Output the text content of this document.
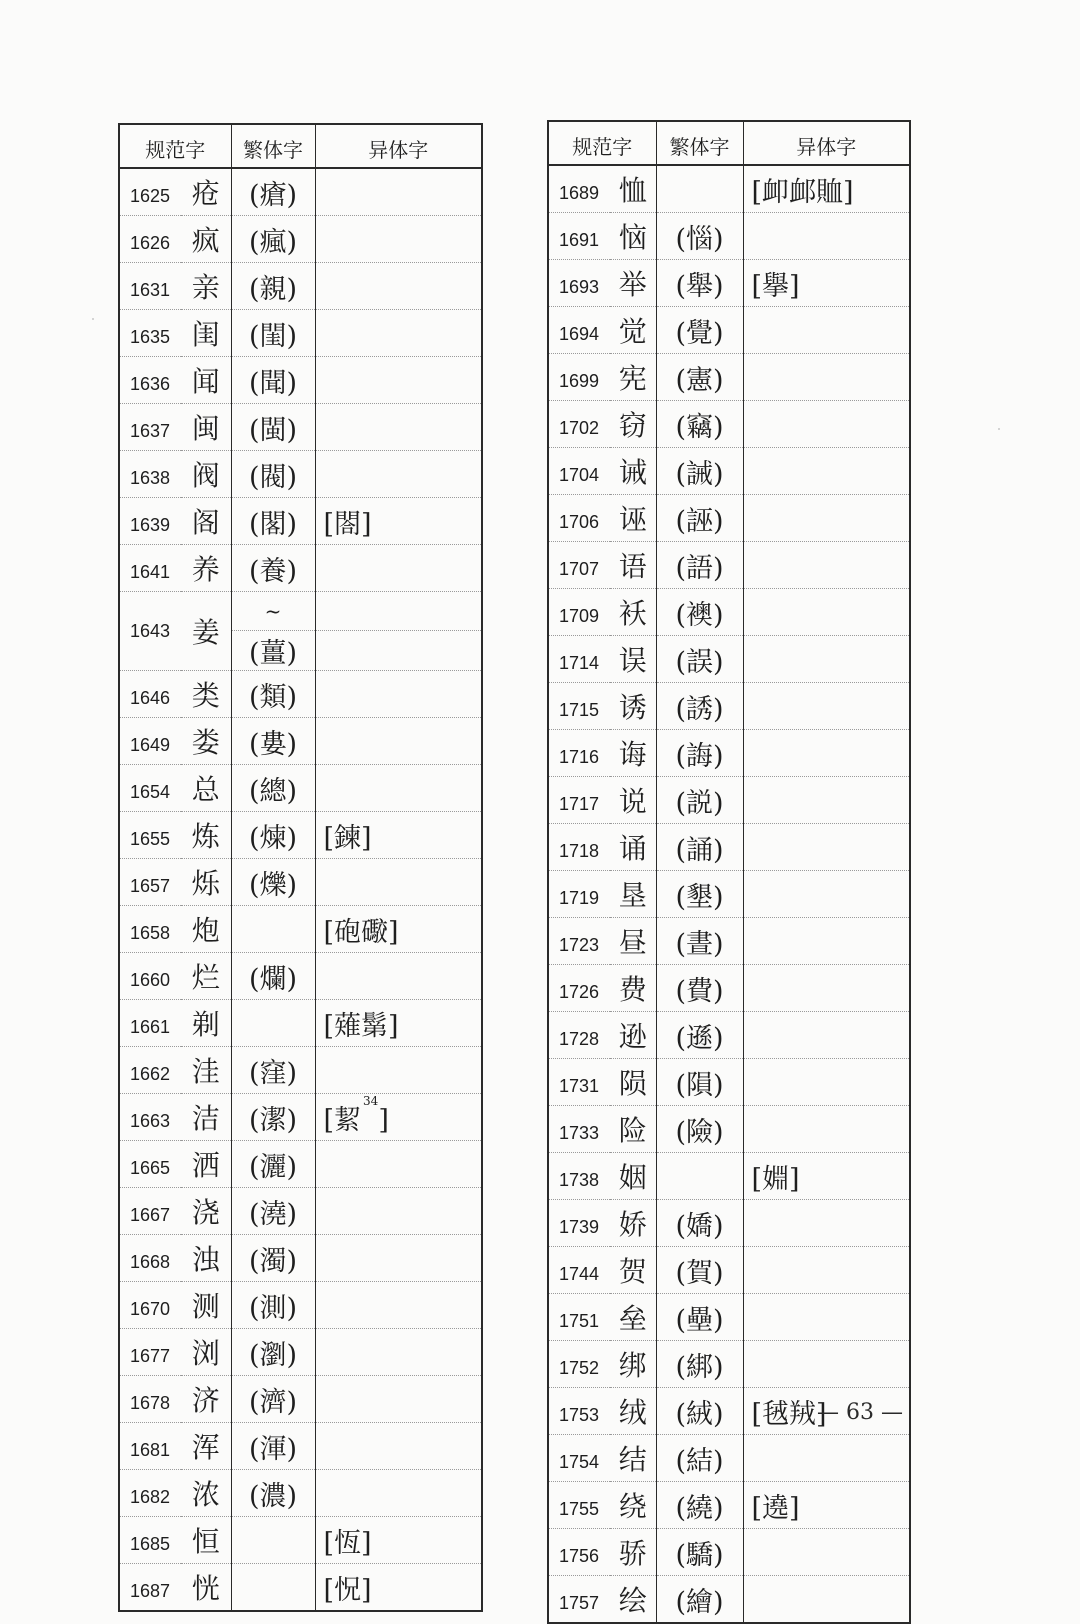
规范字		繁体字	异体字
1625	疮	(瘡)	
1626	疯	(瘋)	
1631	亲	(親)	
1635	闺	(閨)	
1636	闻	(聞)	
1637	闽	(閩)	
1638	阀	(閥)	
1639	阁	(閣)	[閤]
1641	养	(養)	
1643	姜	~	
		(薑)	
1646	类	(類)	
1649	娄	(婁)	
1654	总	(總)	
1655	炼	(煉)	[鍊]
1657	烁	(爍)	
1658	炮		[砲礮]
1660	烂	(爛)	
1661	剃		[薙鬀]
1662	洼	(窪)	
1663	洁	(潔)	[絜$^{34}$]
1665	洒	(灑)	
1667	浇	(澆)	
1668	浊	(濁)	
1670	测	(測)	
1677	浏	(瀏)	
1678	济	(濟)	
1681	浑	(渾)	
1682	浓	(濃)	
1685	恒		[恆]
1687	恍		[怳]
规范字		繁体字	异体字
1689	恤		[卹䘏賉]
1691	恼	(惱)	
1693	举	(舉)	[擧]
1694	觉	(覺)	
1699	宪	(憲)	
1702	窃	(竊)	
1704	诫	(誡)	
1706	诬	(誣)	
1707	语	(語)	
1709	袄	(襖)	
1714	误	(誤)	
1715	诱	(誘)	
1716	诲	(誨)	
1717	说	(説)	
1718	诵	(誦)	
1719	垦	(墾)	
1723	昼	(晝)	
1726	费	(費)	
1728	逊	(遜)	
1731	陨	(隕)	
1733	险	(險)	
1738	姻		[婣]
1739	娇	(嬌)	
1744	贺	(賀)	
1751	垒	(壘)	
1752	绑	(綁)	
1753	绒	(絨)	[毧羢]
1754	结	(結)	
1755	绕	(繞)	[遶]
1756	骄	(驕)	
1757	绘	(繪)	
— 63 —
